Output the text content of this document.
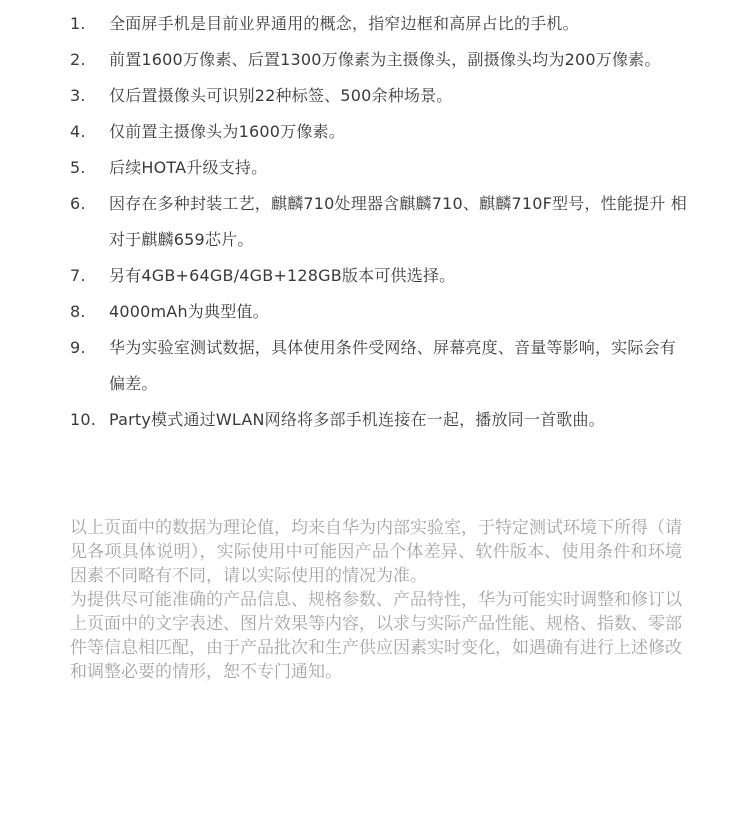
1.	全面屏手机是目前业界通用的概念，指窄边框和高屏占比的手机。
2.	前置1600万像素、后置1300万像素为主摄像头，副摄像头均为200万像素。
3.	仅后置摄像头可识别22种标签、500余种场景。
4.	仅前置主摄像头为1600万像素。
5.	后续HOTA升级支持。
6.	因存在多种封装工艺，麒麟710处理器含麒麟710、麒麟710F型号，性能提升 相对于麒麟659芯片。
7.	另有4GB+64GB/4GB+128GB版本可供选择。
8.	4000mAh为典型值。
9.	华为实验室测试数据，具体使用条件受网络、屏幕亮度、音量等影响，实际会有偏差。
10. Party模式通过WLAN网络将多部手机连接在一起，播放同一首歌曲。

以上页面中的数据为理论值，均来自华为内部实验室，于特定测试环境下所得（请见各项具体说明），实际使用中可能因产品个体差异、软件版本、使用条件和环境因素不同略有不同，请以实际使用的情况为准。

为提供尽可能准确的产品信息、规格参数、产品特性，华为可能实时调整和修订以上页面中的文字表述、图片效果等内容，以求与实际产品性能、规格、指数、零部件等信息相匹配，由于产品批次和生产供应因素实时变化，如遇确有进行上述修改和调整必要的情形，恕不专门通知。
